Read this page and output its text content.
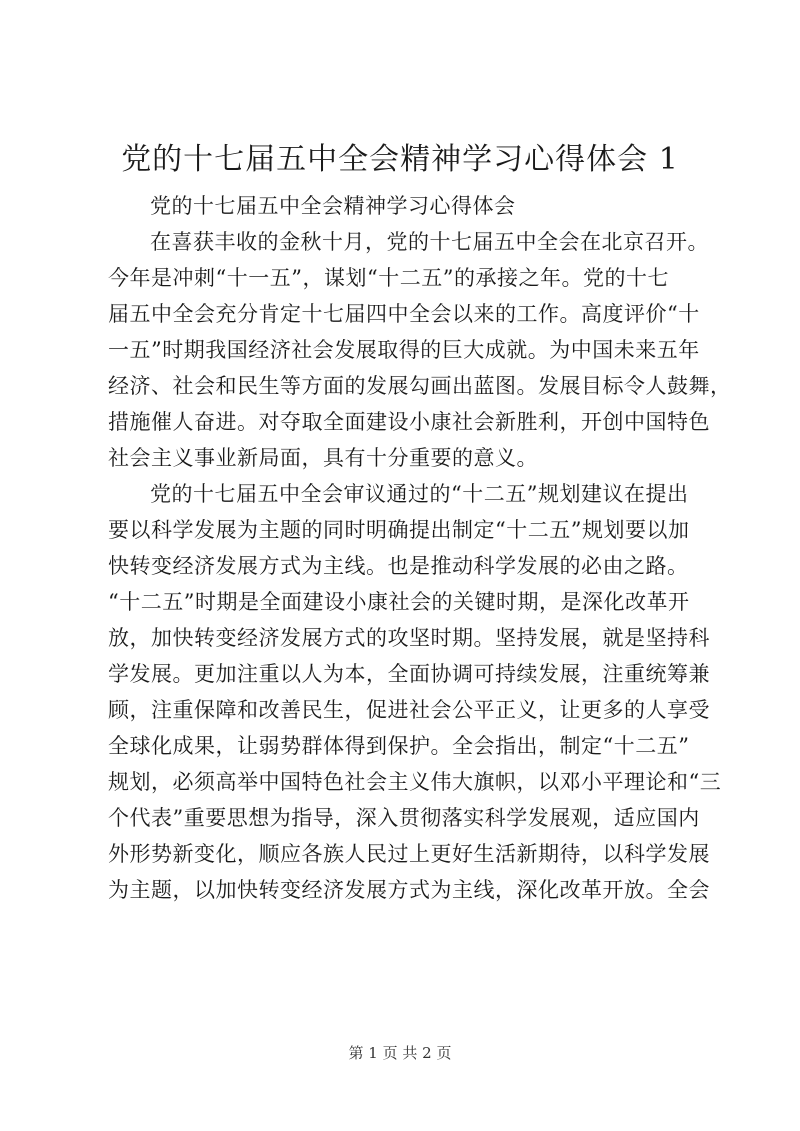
党的十七届五中全会精神学习心得体会 1
党的十七届五中全会精神学习心得体会
在喜获丰收的金秋十月，党的十七届五中全会在北京召开。
今年是冲刺“十一五”，谋划“十二五”的承接之年。党的十七
届五中全会充分肯定十七届四中全会以来的工作。高度评价“十
一五”时期我国经济社会发展取得的巨大成就。为中国未来五年
经济、社会和民生等方面的发展勾画出蓝图。发展目标令人鼓舞，
措施催人奋进。对夺取全面建设小康社会新胜利，开创中国特色
社会主义事业新局面，具有十分重要的意义。
党的十七届五中全会审议通过的“十二五”规划建议在提出
要以科学发展为主题的同时明确提出制定“十二五”规划要以加
快转变经济发展方式为主线。也是推动科学发展的必由之路。
“十二五”时期是全面建设小康社会的关键时期，是深化改革开
放，加快转变经济发展方式的攻坚时期。坚持发展，就是坚持科
学发展。更加注重以人为本，全面协调可持续发展，注重统筹兼
顾，注重保障和改善民生，促进社会公平正义，让更多的人享受
全球化成果，让弱势群体得到保护。全会指出，制定“十二五”
规划，必须高举中国特色社会主义伟大旗帜，以邓小平理论和“三
个代表”重要思想为指导，深入贯彻落实科学发展观，适应国内
外形势新变化，顺应各族人民过上更好生活新期待，以科学发展
为主题，以加快转变经济发展方式为主线，深化改革开放。全会
第 1 页 共 2 页
